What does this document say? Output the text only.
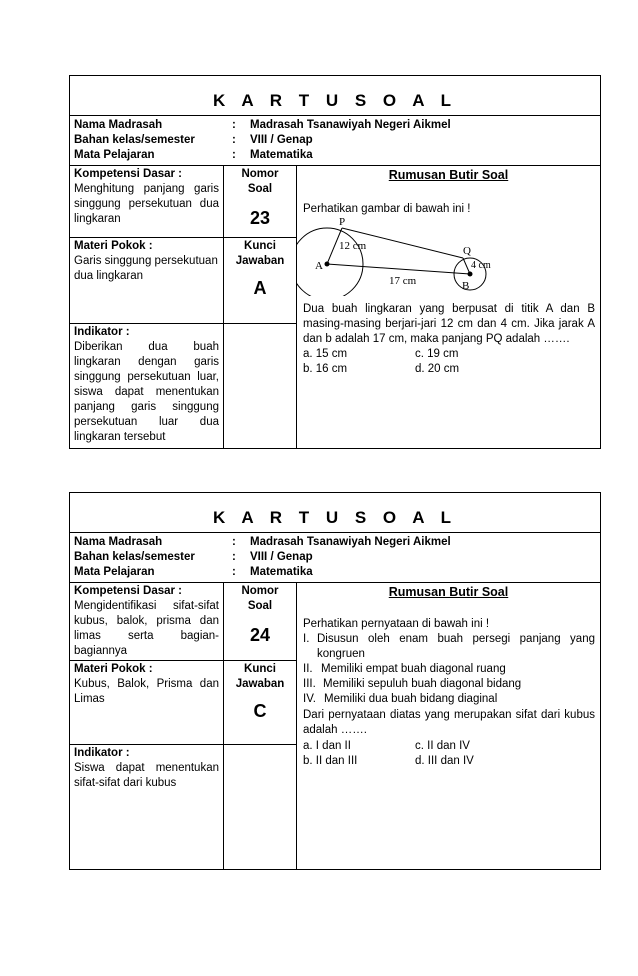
K A R T U S O A L
Nama Madrasah	:	Madrasah Tsanawiyah Negeri Aikmel
Bahan kelas/semester	:	VIII / Genap
Mata Pelajaran	:	Matematika
Kompetensi Dasar :
Menghitung panjang garis singgung persekutuan dua lingkaran
Materi Pokok :
Garis singgung persekutuan dua lingkaran
Indikator :
Diberikan dua buah lingkaran dengan garis singgung persekutuan luar, siswa dapat menentukan panjang garis singgung persekutuan luar dua lingkaran tersebut
Nomor Soal
23
Kunci
Jawaban
A
Rumusan Butir Soal
Perhatikan gambar di bawah ini !
P
Q
A
B
12 cm
4 cm
17 cm
Dua buah lingkaran yang berpusat di titik A dan B masing-masing berjari-jari 12 cm dan 4 cm. Jika jarak A dan b adalah 17 cm, maka panjang PQ adalah …….
a. 15 cm	c. 19 cm
b. 16 cm	d. 20 cm
K A R T U S O A L
Nama Madrasah	:	Madrasah Tsanawiyah Negeri Aikmel
Bahan kelas/semester	:	VIII / Genap
Mata Pelajaran	:	Matematika
Kompetensi Dasar :
Mengidentifikasi sifat-sifat kubus, balok, prisma dan limas serta bagian-bagiannya
Materi Pokok :
Kubus, Balok, Prisma dan Limas
Indikator :
Siswa dapat menentukan sifat-sifat dari kubus
Nomor Soal
24
Kunci
Jawaban
C
Rumusan Butir Soal
Perhatikan pernyataan di bawah ini !
I. Disusun oleh enam buah persegi panjang yang kongruen
II. Memiliki empat buah diagonal ruang
III. Memiliki sepuluh buah diagonal bidang
IV. Memiliki dua buah bidang diaginal
Dari pernyataan diatas yang merupakan sifat dari kubus adalah …….
a. I dan II	c. II dan IV
b. II dan III	d. III dan IV
